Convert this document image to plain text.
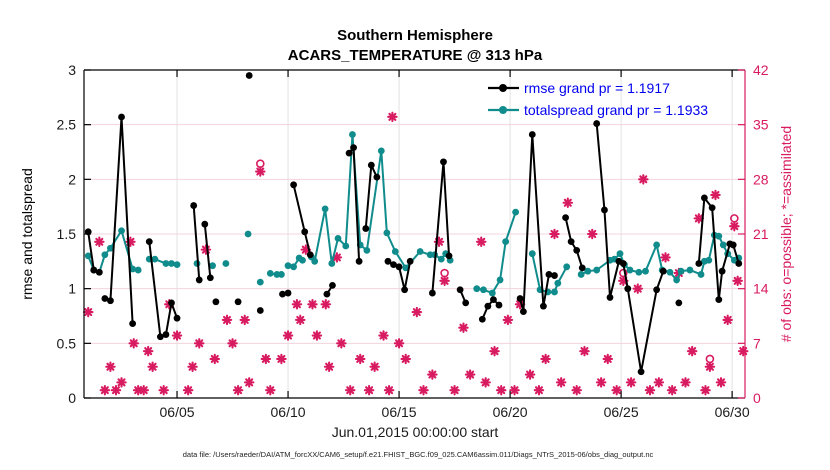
06/05	06/10	06/15	06/20	06/25	06/30
0
0.5
1
1.5
2
2.5
3
0
7
14
21
28
35
42
Southern Hemisphere
ACARS_TEMPERATURE @ 313 hPa
rmse and totalspread	# of obs: o=possible; *=assimilated
Jun.01,2015 00:00:00 start
data file: /Users/raeder/DAI/ATM_forcXX/CAM6_setup/f.e21.FHIST_BGC.f09_025.CAM6assim.011/Diags_NTrS_2015-06/obs_diag_output.nc
rmse grand pr = 1.1917
totalspread grand pr = 1.1933
